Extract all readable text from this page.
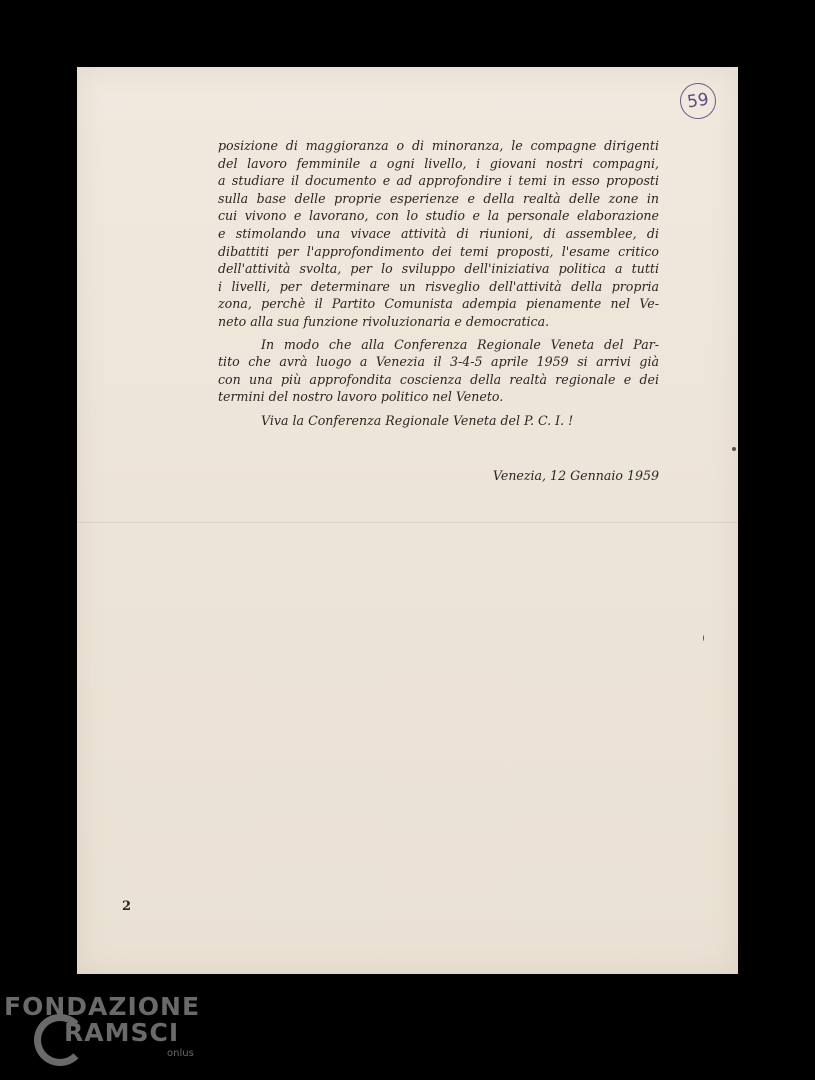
59

posizione di maggioranza o di minoranza, le compagne dirigenti

del lavoro femminile a ogni livello, i giovani nostri compagni,

a studiare il documento e ad approfondire i temi in esso proposti

sulla base delle proprie esperienze e della realtà delle zone in

cui vivono e lavorano, con lo studio e la personale elaborazione

e stimolando una vivace attività di riunioni, di assemblee, di

dibattiti per l'approfondimento dei temi proposti, l'esame critico

dell'attività svolta, per lo sviluppo dell'iniziativa politica a tutti

i livelli, per determinare un risveglio dell'attività della propria

zona, perchè il Partito Comunista adempia pienamente nel Ve-

neto alla sua funzione rivoluzionaria e democratica.

In modo che alla Conferenza Regionale Veneta del Par-

tito che avrà luogo a Venezia il 3-4-5 aprile 1959 si arrivi già

con una più approfondita coscienza della realtà regionale e dei

termini del nostro lavoro politico nel Veneto.

Viva la Conferenza Regionale Veneta del P. C. I. !

Venezia, 12 Gennaio 1959
2
FONDAZIONE
RAMSCI
onlus
